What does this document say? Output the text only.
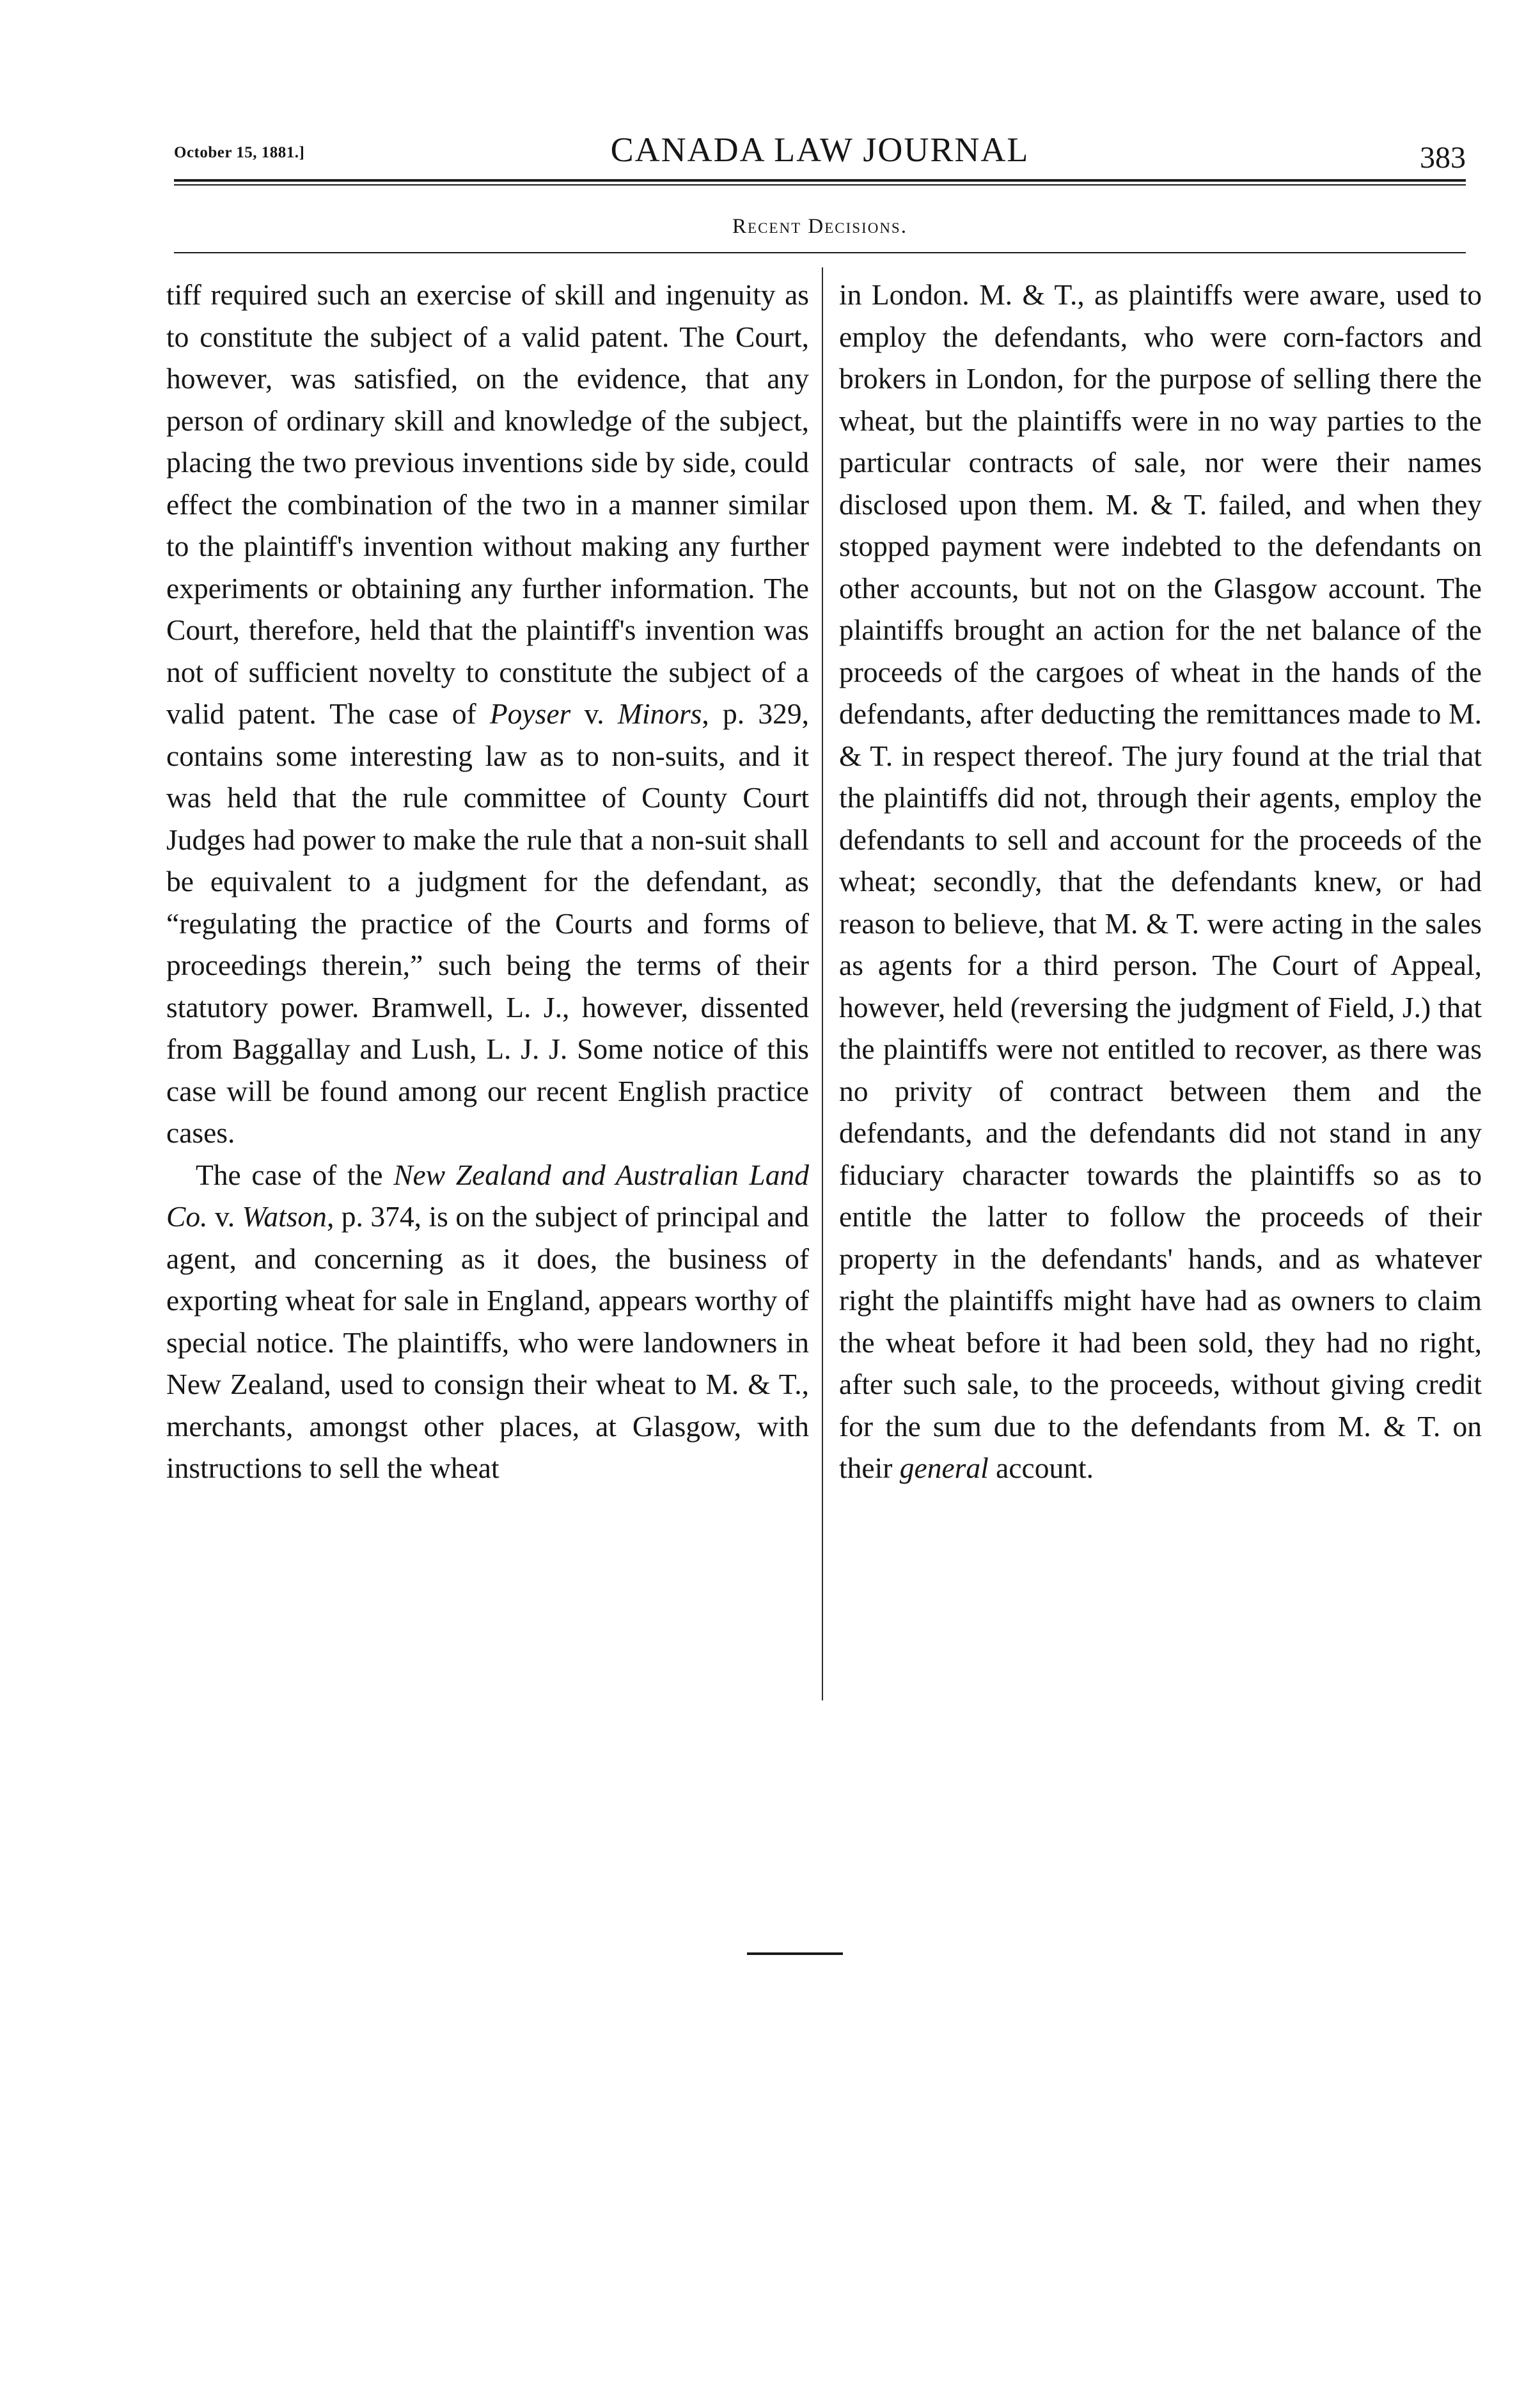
October 15, 1881.]	CANADA LAW JOURNAL	383
Recent Decisions.

tiff required such an exercise of skill and ingenuity as to constitute the subject of a valid patent. The Court, however, was satisfied, on the evidence, that any person of ordinary skill and knowledge of the subject, placing the two previous inventions side by side, could effect the combination of the two in a manner similar to the plaintiff's invention without making any further experiments or obtaining any further information. The Court, therefore, held that the plaintiff's invention was not of sufficient novelty to constitute the subject of a valid patent. The case of Poyser v. Minors, p. 329, contains some interesting law as to non-suits, and it was held that the rule committee of County Court Judges had power to make the rule that a non-suit shall be equivalent to a judgment for the defendant, as “regulating the practice of the Courts and forms of proceedings therein,” such being the terms of their statutory power. Bramwell, L. J., however, dissented from Baggallay and Lush, L. J. J. Some notice of this case will be found among our recent English practice cases.

The case of the New Zealand and Australian Land Co. v. Watson, p. 374, is on the subject of principal and agent, and concerning as it does, the business of exporting wheat for sale in England, appears worthy of special notice. The plaintiffs, who were landowners in New Zealand, used to consign their wheat to M. & T., merchants, amongst other places, at Glasgow, with instructions to sell the wheat

in London. M. & T., as plaintiffs were aware, used to employ the defendants, who were corn-factors and brokers in London, for the purpose of selling there the wheat, but the plaintiffs were in no way parties to the particular contracts of sale, nor were their names disclosed upon them. M. & T. failed, and when they stopped payment were indebted to the defendants on other accounts, but not on the Glasgow account. The plaintiffs brought an action for the net balance of the proceeds of the cargoes of wheat in the hands of the defendants, after deducting the remittances made to M. & T. in respect thereof. The jury found at the trial that the plaintiffs did not, through their agents, employ the defendants to sell and account for the proceeds of the wheat; secondly, that the defendants knew, or had reason to believe, that M. & T. were acting in the sales as agents for a third person. The Court of Appeal, however, held (reversing the judgment of Field, J.) that the plaintiffs were not entitled to recover, as there was no privity of contract between them and the defendants, and the defendants did not stand in any fiduciary character towards the plaintiffs so as to entitle the latter to follow the proceeds of their property in the defendants' hands, and as whatever right the plaintiffs might have had as owners to claim the wheat before it had been sold, they had no right, after such sale, to the proceeds, without giving credit for the sum due to the defendants from M. & T. on their general account.
